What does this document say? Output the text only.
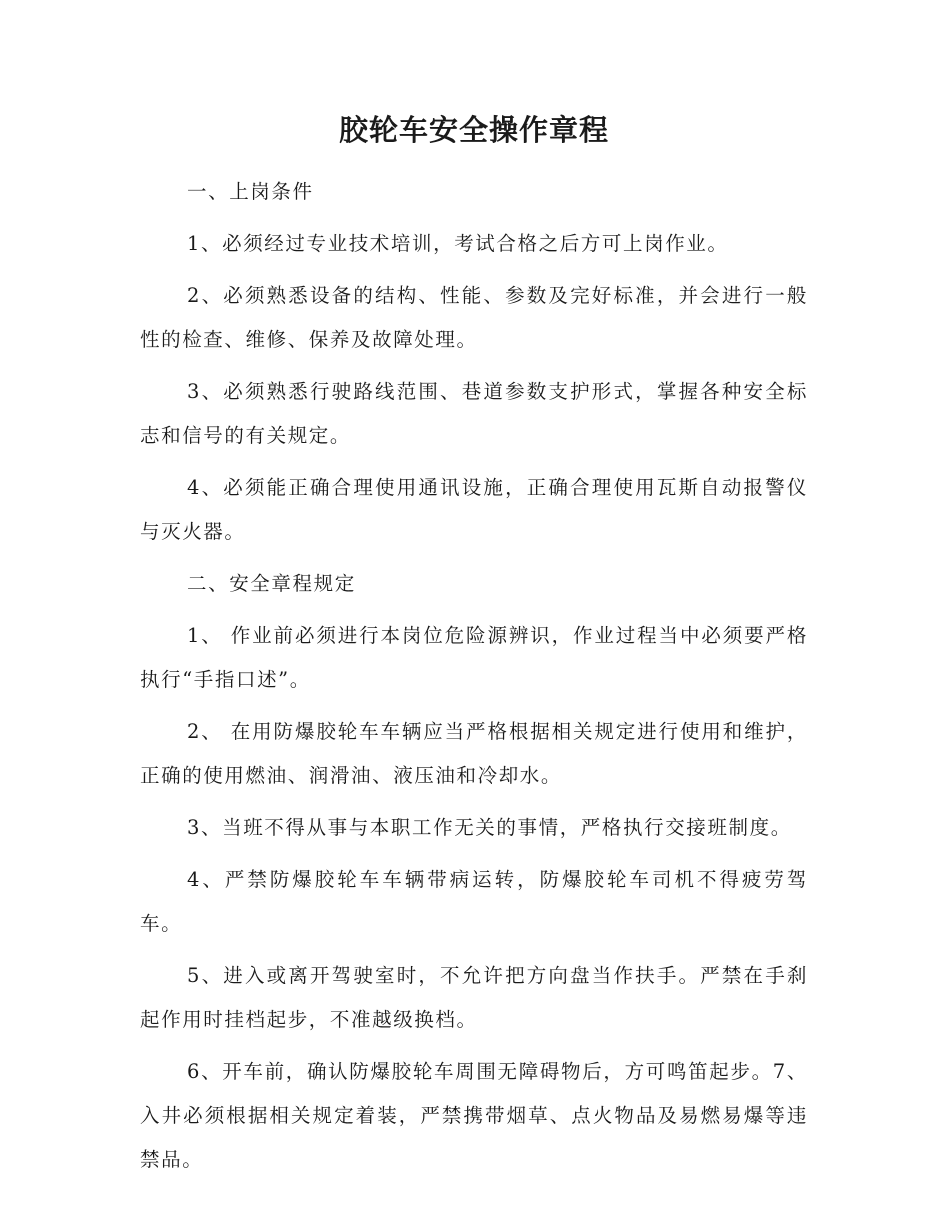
胶轮车安全操作章程

一、上岗条件

1、必须经过专业技术培训，考试合格之后方可上岗作业。

2、必须熟悉设备的结构、性能、参数及完好标准，并会进行一般性的检查、维修、保养及故障处理。

3、必须熟悉行驶路线范围、巷道参数支护形式，掌握各种安全标志和信号的有关规定。

4、必须能正确合理使用通讯设施，正确合理使用瓦斯自动报警仪与灭火器。

二、安全章程规定

1、 作业前必须进行本岗位危险源辨识，作业过程当中必须要严格执行“手指口述”。

2、 在用防爆胶轮车车辆应当严格根据相关规定进行使用和维护，正确的使用燃油、润滑油、液压油和冷却水。

3、当班不得从事与本职工作无关的事情，严格执行交接班制度。

4、严禁防爆胶轮车车辆带病运转，防爆胶轮车司机不得疲劳驾车。

5、进入或离开驾驶室时，不允许把方向盘当作扶手。严禁在手刹起作用时挂档起步，不准越级换档。

6、开车前，确认防爆胶轮车周围无障碍物后，方可鸣笛起步。7、入井必须根据相关规定着装，严禁携带烟草、点火物品及易燃易爆等违禁品。
